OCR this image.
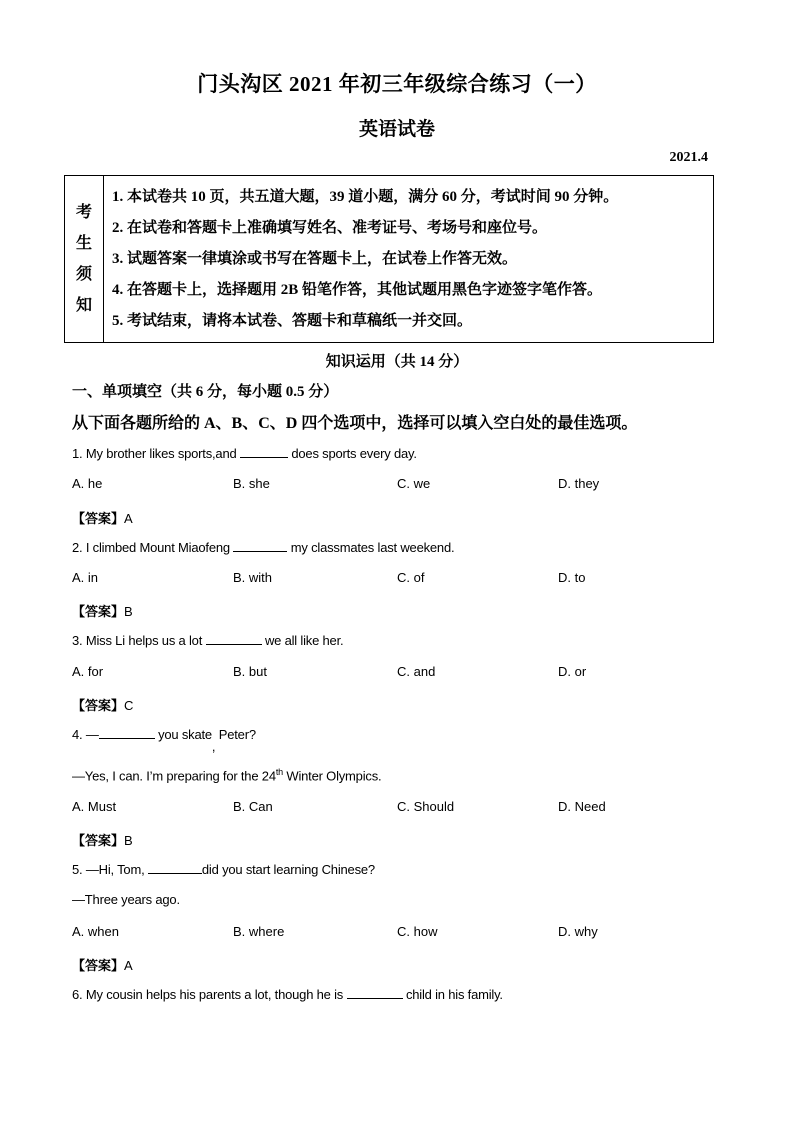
门头沟区 2021 年初三年级综合练习（一）
英语试卷
2021.4
考
生
须
知

1. 本试卷共 10 页，共五道大题，39 道小题，满分 60 分，考试时间 90 分钟。
2. 在试卷和答题卡上准确填写姓名、准考证号、考场号和座位号。
3. 试题答案一律填涂或书写在答题卡上，在试卷上作答无效。
4. 在答题卡上，选择题用 2B 铅笔作答，其他试题用黑色字迹签字笔作答。
5. 考试结束，请将本试卷、答题卡和草稿纸一并交回。
知识运用（共 14 分）
一、单项填空（共 6 分，每小题 0.5 分）
从下面各题所给的 A、B、C、D 四个选项中，选择可以填入空白处的最佳选项。
1. My brother likes sports,and	does sports every day.
A. he	B. she	C. we	D. they
【答案】A
2. I climbed Mount Miaofeng	my classmates last weekend.
A. in	B. with	C. of	D. to
【答案】B
3. Miss Li helps us a lot	we all like her.
A. for	B. but	C. and	D. or
【答案】C
4. —	you skate, Peter?
—Yes, I can. I’m preparing for the 24th Winter Olympics.
A. Must	B. Can	C. Should	D. Need
【答案】B
5. —Hi, Tom,	did you start learning Chinese?
—Three years ago.
A. when	B. where	C. how	D. why
【答案】A
6. My cousin helps his parents a lot, though he is	child in his family.
